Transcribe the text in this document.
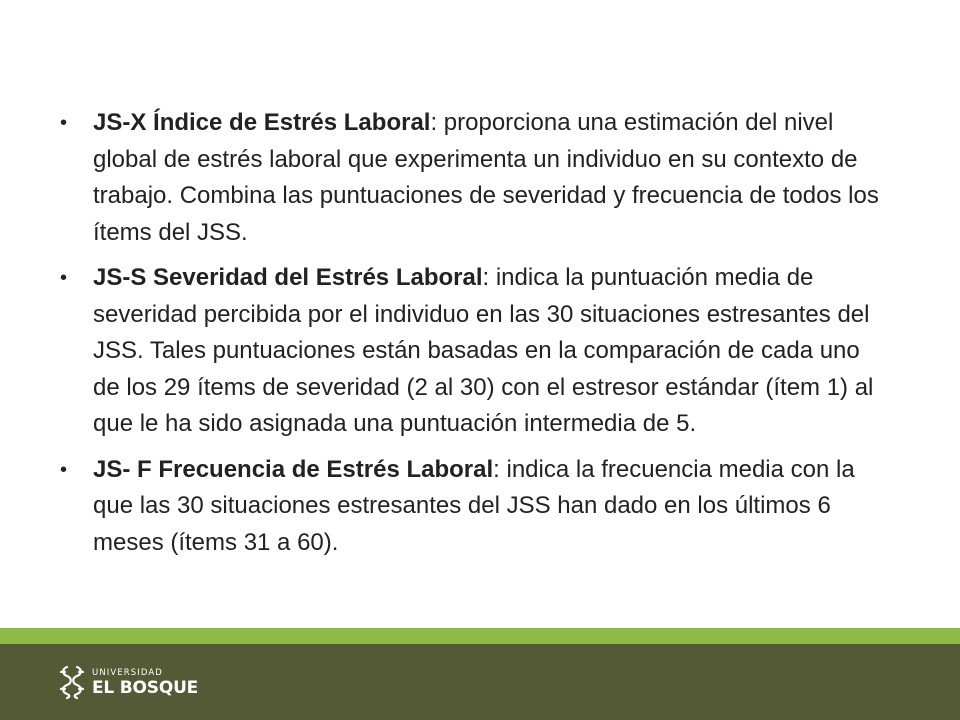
• JS-X Índice de Estrés Laboral: proporciona una estimación del nivel global de estrés laboral que experimenta un individuo en su contexto de trabajo. Combina las puntuaciones de severidad y frecuencia de todos los ítems del JSS.
• JS-S Severidad del Estrés Laboral: indica la puntuación media de severidad percibida por el individuo en las 30 situaciones estresantes del JSS. Tales puntuaciones están basadas en la comparación de cada uno de los 29 ítems de severidad (2 al 30) con el estresor estándar (ítem 1) al que le ha sido asignada una puntuación intermedia de 5.
• JS- F Frecuencia de Estrés Laboral: indica la frecuencia media con la que las 30 situaciones estresantes del JSS han dado en los últimos 6 meses (ítems 31 a 60).
UNIVERSIDAD
EL BOSQUE
